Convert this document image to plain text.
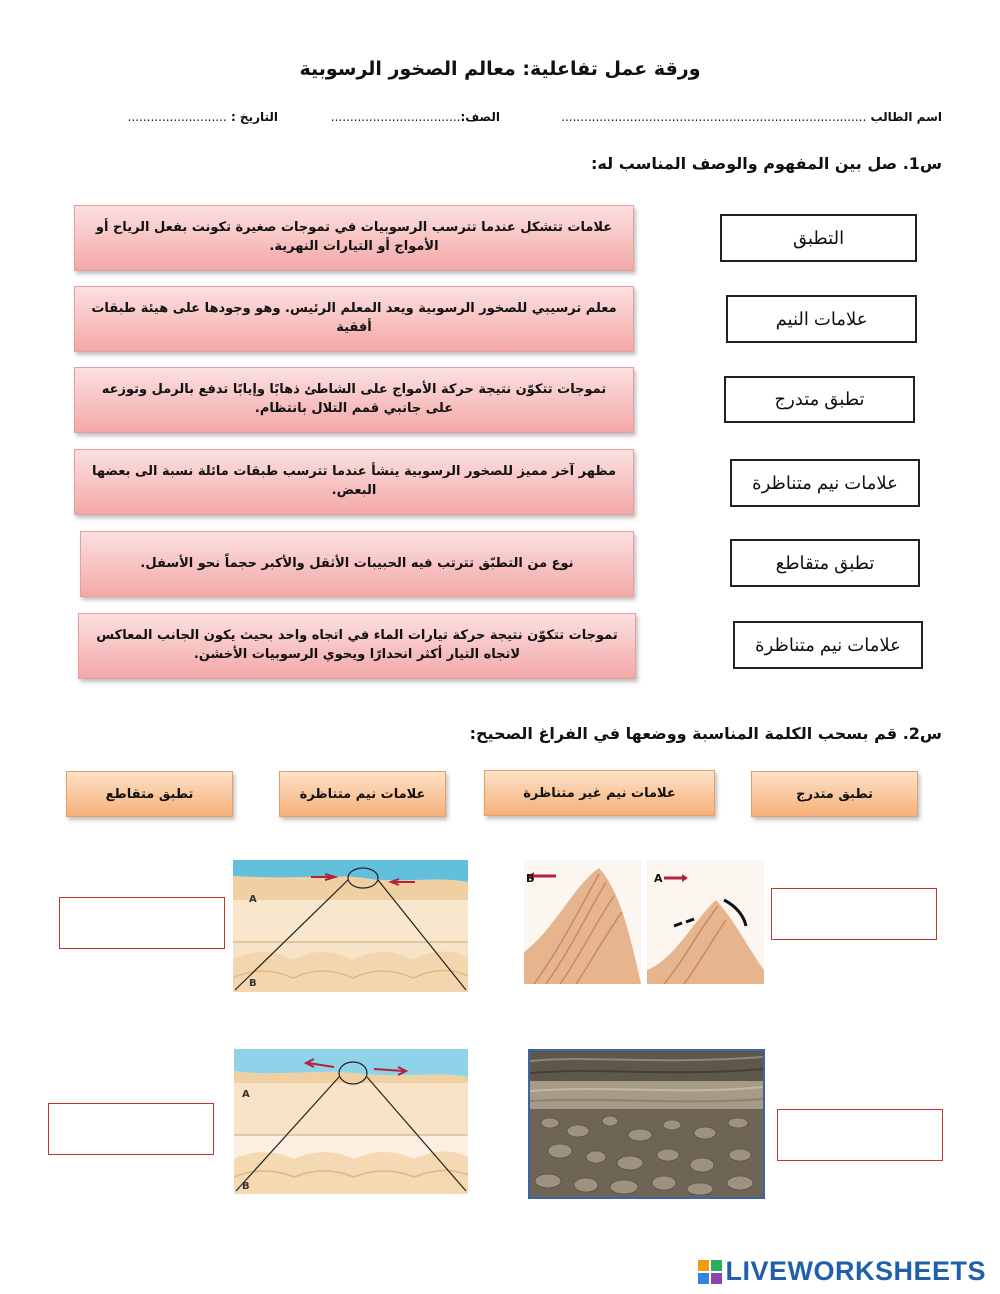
ورقة عمل تفاعلية: معالم الصخور الرسوبية
اسم الطالب ................................................................................
الصف:..................................
التاريخ : ..........................
س1. صل بين المفهوم والوصف المناسب له:
علامات تتشكل عندما تترسب الرسوبيات في تموجات صغيرة تكونت بفعل الرياح أو الأمواج أو التيارات النهرية.
معلم ترسيبي للصخور الرسوبية ويعد المعلم الرئيس. وهو وجودها على هيئة طبقات أفقية
تموجات تتكوّن نتيجة حركة الأمواج على الشاطئ ذهابًا وإيابًا تدفع بالرمل وتوزعه على جانبي قمم التلال بانتظام.
مظهر آخر مميز للصخور الرسوبية ينشأ عندما تترسب طبقات مائلة نسبة الى بعضها البعض.
نوع من التطبّق تترتب فيه الحبيبات الأثقل والأكبر حجماً نحو الأسفل.
تموجات تتكوّن نتيجة حركة تيارات الماء في اتجاه واحد بحيث يكون الجانب المعاكس لاتجاه التيار أكثر انحدارًا ويحوي الرسوبيات الأخشن.
التطبق
علامات النيم
تطبق متدرج
علامات نيم متناظرة
تطبق متقاطع
علامات نيم متناظرة
س2. قم بسحب الكلمة المناسبة ووضعها في الفراغ الصحيح:
تطبق متقاطع	علامات نيم متناظرة	علامات نيم غير متناظرة	تطبق متدرج
A
B
B	A
A
B
LIVEWORKSHEETS
